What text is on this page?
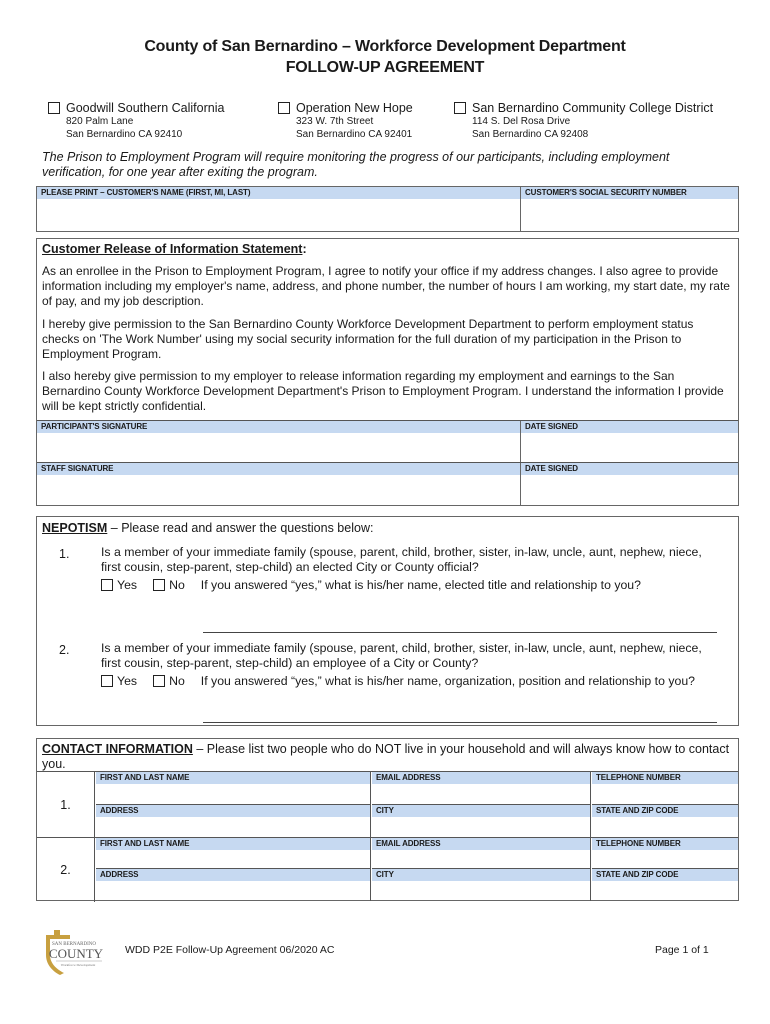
County of San Bernardino – Workforce Development Department
FOLLOW-UP AGREEMENT
Goodwill Southern California
820 Palm Lane
San Bernardino CA 92410
Operation New Hope
323 W. 7th Street
San Bernardino CA 92401
San Bernardino Community College District
114 S. Del Rosa Drive
San Bernardino CA 92408
The Prison to Employment Program will require monitoring the progress of our participants, including employment verification, for one year after exiting the program.
PLEASE PRINT – CUSTOMER'S NAME (FIRST, MI, LAST)	CUSTOMER'S SOCIAL SECURITY NUMBER
Customer Release of Information Statement:

As an enrollee in the Prison to Employment Program, I agree to notify your office if my address changes. I also agree to provide information including my employer's name, address, and phone number, the number of hours I am working, my start date, my rate of pay, and my job description.

I hereby give permission to the San Bernardino County Workforce Development Department to perform employment status checks on 'The Work Number' using my social security information for the full duration of my participation in the Prison to Employment Program.

I also hereby give permission to my employer to release information regarding my employment and earnings to the San Bernardino County Workforce Development Department's Prison to Employment Program. I understand the information I provide will be kept strictly confidential.

PARTICIPANT'S SIGNATURE	DATE SIGNED
STAFF SIGNATURE	DATE SIGNED
NEPOTISM – Please read and answer the questions below:
1.	Is a member of your immediate family (spouse, parent, child, brother, sister, in-law, uncle, aunt, nephew, niece, first cousin, step-parent, step-child) an elected City or County official?
Yes	No If you answered “yes,” what is his/her name, elected title and relationship to you?
2.	Is a member of your immediate family (spouse, parent, child, brother, sister, in-law, uncle, aunt, nephew, niece, first cousin, step-parent, step-child) an employee of a City or County?
Yes	No If you answered “yes,” what is his/her name, organization, position and relationship to you?
CONTACT INFORMATION – Please list two people who do NOT live in your household and will always know how to contact you.
1.
FIRST AND LAST NAME	EMAIL ADDRESS	TELEPHONE NUMBER
ADDRESS	CITY	STATE AND ZIP CODE
2.
FIRST AND LAST NAME	EMAIL ADDRESS	TELEPHONE NUMBER
ADDRESS	CITY	STATE AND ZIP CODE
SAN BERNARDINO
COUNTY
Workforce Development
WDD P2E Follow-Up Agreement 06/2020 AC	Page 1 of 1
